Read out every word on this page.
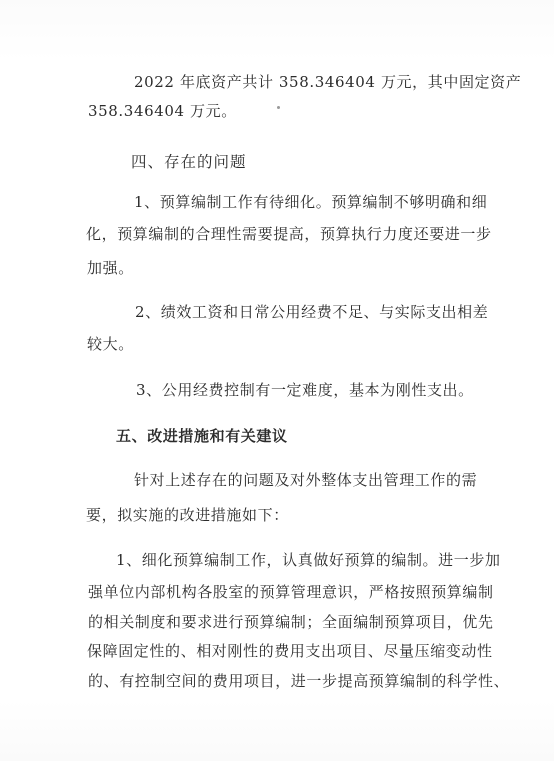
2022 年底资产共计 358.346404 万元，其中固定资产
358.346404 万元。
四、存在的问题
1、预算编制工作有待细化。预算编制不够明确和细
化，预算编制的合理性需要提高，预算执行力度还要进一步
加强。
2、绩效工资和日常公用经费不足、与实际支出相差
较大。
3、公用经费控制有一定难度，基本为刚性支出。
五、改进措施和有关建议
针对上述存在的问题及对外整体支出管理工作的需
要，拟实施的改进措施如下：
1、细化预算编制工作，认真做好预算的编制。进一步加
强单位内部机构各股室的预算管理意识，严格按照预算编制
的相关制度和要求进行预算编制；全面编制预算项目，优先
保障固定性的、相对刚性的费用支出项目、尽量压缩变动性
的、有控制空间的费用项目，进一步提高预算编制的科学性、
